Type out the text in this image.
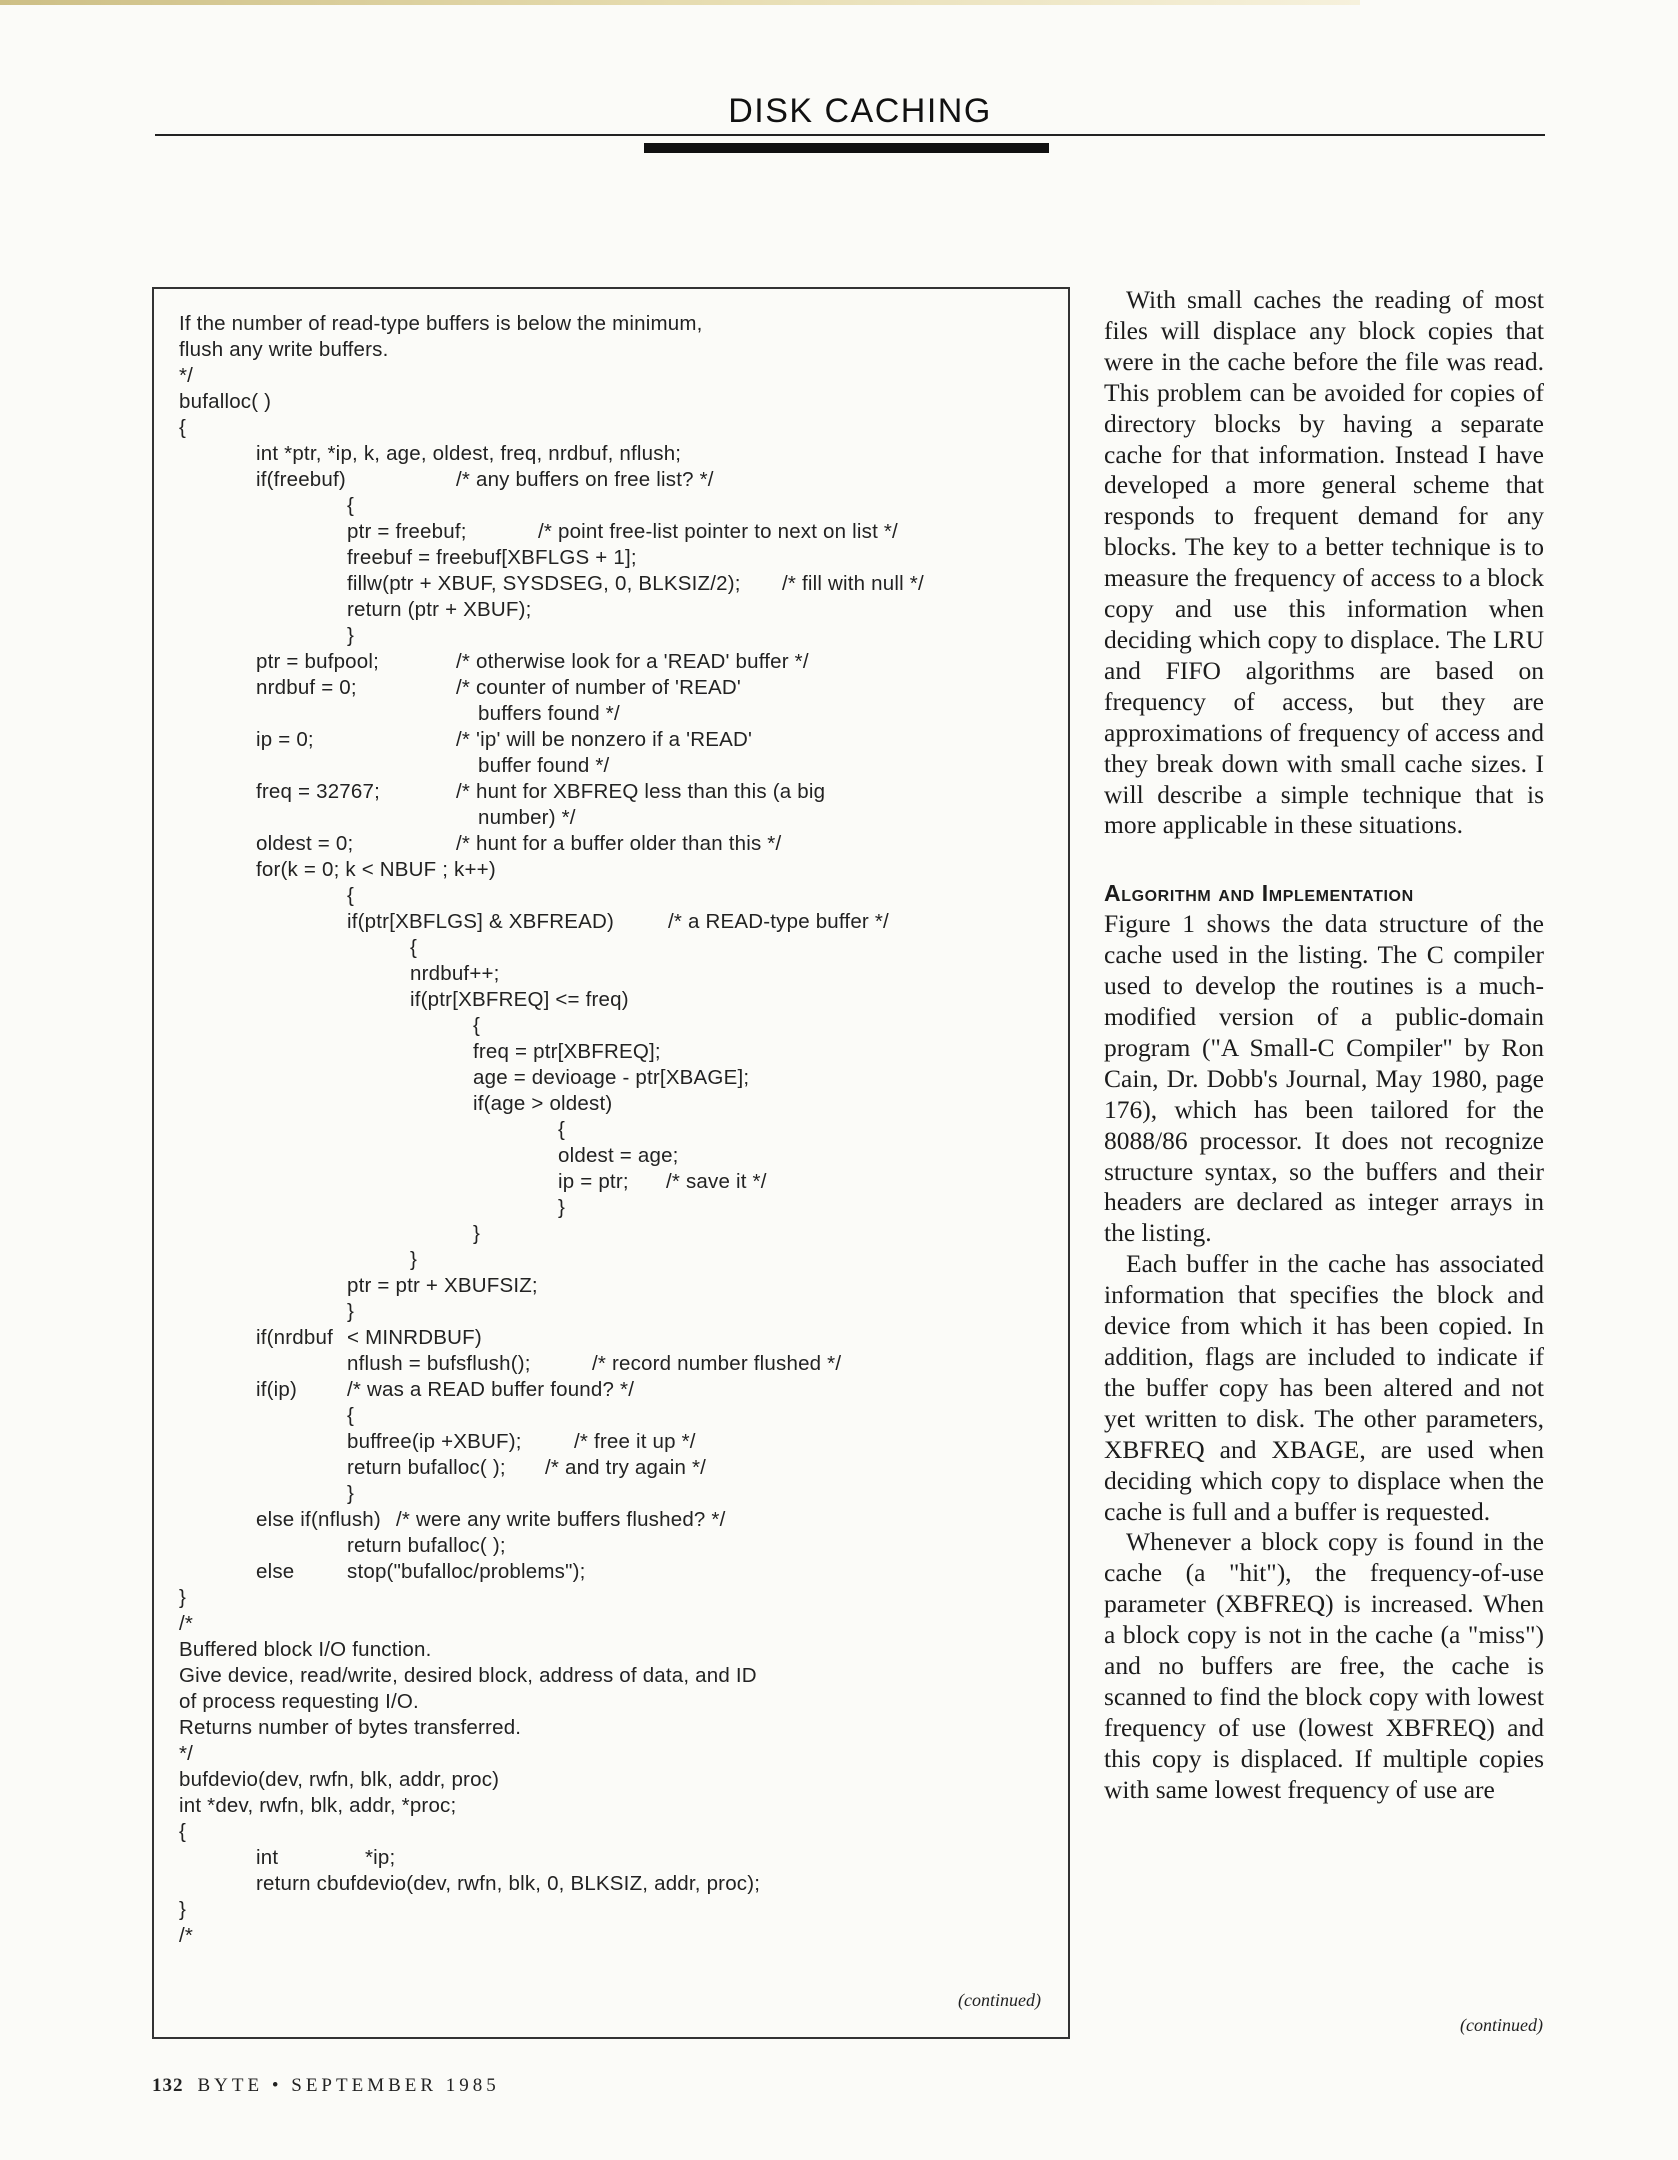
DISK CACHING
If the number of read-type buffers is below the minimum,
flush any write buffers.
*/
bufalloc( )
{
int *ptr, *ip, k, age, oldest, freq, nrdbuf, nflush;
if(freebuf)	/* any buffers on free list? */
{
ptr = freebuf;	/* point free-list pointer to next on list */
freebuf = freebuf[XBFLGS + 1];
fillw(ptr + XBUF, SYSDSEG, 0, BLKSIZ/2); /* fill with null */
return (ptr + XBUF);
}
ptr = bufpool;	/* otherwise look for a 'READ' buffer */
nrdbuf = 0;	/* counter of number of 'READ'
buffers found */
ip = 0;	/* 'ip' will be nonzero if a 'READ'
buffer found */
freq = 32767;	/* hunt for XBFREQ less than this (a big
number) */
oldest = 0;	/* hunt for a buffer older than this */
for(k = 0; k < NBUF ; k++)
{
if(ptr[XBFLGS] & XBFREAD)	/* a READ-type buffer */
{
nrdbuf++;
if(ptr[XBFREQ] <= freq)
{
freq = ptr[XBFREQ];
age = devioage - ptr[XBAGE];
if(age > oldest)
{
oldest = age;
ip = ptr; /* save it */
}
}
}
ptr = ptr + XBUFSIZ;
}
if(nrdbuf < MINRDBUF)
nflush = bufsflush();	/* record number flushed */
if(ip) /* was a READ buffer found? */
{
buffree(ip +XBUF);	/* free it up */
return bufalloc( ); /* and try again */
}
else if(nflush) /* were any write buffers flushed? */
return bufalloc( );
else	stop("bufalloc/problems");
}
/*
Buffered block I/O function.
Give device, read/write, desired block, address of data, and ID
of process requesting I/O.
Returns number of bytes transferred.
*/
bufdevio(dev, rwfn, blk, addr, proc)
int *dev, rwfn, blk, addr, *proc;
{
int	*ip;
return cbufdevio(dev, rwfn, blk, 0, BLKSIZ, addr, proc);
}
/*
(continued)

With small caches the reading of most files will displace any block copies that were in the cache before the file was read. This problem can be avoided for copies of directory blocks by having a separate cache for that information. Instead I have developed a more general scheme that responds to frequent demand for any blocks. The key to a better technique is to measure the frequency of access to a block copy and use this information when deciding which copy to displace. The LRU and FIFO algorithms are based on frequency of access, but they are approximations of frequency of access and they break down with small cache sizes. I will describe a simple technique that is more applicable in these situations.

Algorithm and Implementation

Figure 1 shows the data structure of the cache used in the listing. The C compiler used to develop the routines is a much-modified version of a public-domain program ("A Small-C Compiler" by Ron Cain, Dr. Dobb's Journal, May 1980, page 176), which has been tailored for the 8088/86 processor. It does not recognize structure syntax, so the buffers and their headers are declared as integer arrays in the listing.

Each buffer in the cache has associated information that specifies the block and device from which it has been copied. In addition, flags are included to indicate if the buffer copy has been altered and not yet written to disk. The other parameters, XBFREQ and XBAGE, are used when deciding which copy to displace when the cache is full and a buffer is requested.

Whenever a block copy is found in the cache (a "hit"), the frequency-of-use parameter (XBFREQ) is increased. When a block copy is not in the cache (a "miss") and no buffers are free, the cache is scanned to find the block copy with lowest frequency of use (lowest XBFREQ) and this copy is displaced. If multiple copies with same lowest frequency of use are

(continued)
132 BYTE • SEPTEMBER 1985
